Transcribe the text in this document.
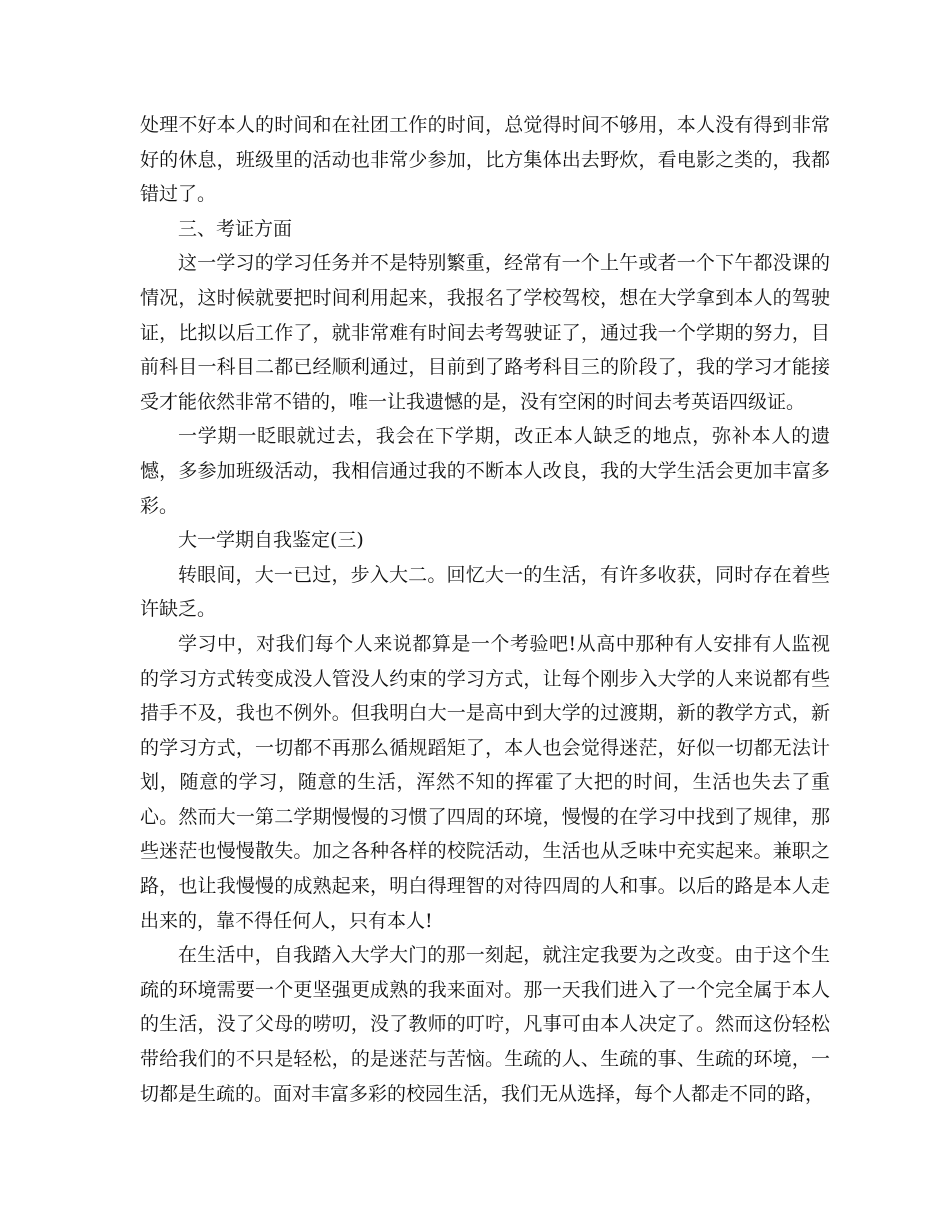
处理不好本人的时间和在社团工作的时间，总觉得时间不够用，本人没有得到非常好的休息，班级里的活动也非常少参加，比方集体出去野炊，看电影之类的，我都错过了。

三、考证方面

这一学习的学习任务并不是特别繁重，经常有一个上午或者一个下午都没课的情况，这时候就要把时间利用起来，我报名了学校驾校，想在大学拿到本人的驾驶证，比拟以后工作了，就非常难有时间去考驾驶证了，通过我一个学期的努力，目前科目一科目二都已经顺利通过，目前到了路考科目三的阶段了，我的学习才能接受才能依然非常不错的，唯一让我遗憾的是，没有空闲的时间去考英语四级证。

一学期一眨眼就过去，我会在下学期，改正本人缺乏的地点，弥补本人的遗憾，多参加班级活动，我相信通过我的不断本人改良，我的大学生活会更加丰富多彩。

大一学期自我鉴定(三)

转眼间，大一已过，步入大二。回忆大一的生活，有许多收获，同时存在着些许缺乏。

学习中，对我们每个人来说都算是一个考验吧!从高中那种有人安排有人监视的学习方式转变成没人管没人约束的学习方式，让每个刚步入大学的人来说都有些措手不及，我也不例外。但我明白大一是高中到大学的过渡期，新的教学方式，新的学习方式，一切都不再那么循规蹈矩了，本人也会觉得迷茫，好似一切都无法计划，随意的学习，随意的生活，浑然不知的挥霍了大把的时间，生活也失去了重心。然而大一第二学期慢慢的习惯了四周的环境，慢慢的在学习中找到了规律，那些迷茫也慢慢散失。加之各种各样的校院活动，生活也从乏味中充实起来。兼职之路，也让我慢慢的成熟起来，明白得理智的对待四周的人和事。以后的路是本人走出来的，靠不得任何人，只有本人!

在生活中，自我踏入大学大门的那一刻起，就注定我要为之改变。由于这个生疏的环境需要一个更坚强更成熟的我来面对。那一天我们进入了一个完全属于本人的生活，没了父母的唠叨，没了教师的叮咛，凡事可由本人决定了。然而这份轻松带给我们的不只是轻松，的是迷茫与苦恼。生疏的人、生疏的事、生疏的环境，一切都是生疏的。面对丰富多彩的校园生活，我们无从选择，每个人都走不同的路，
